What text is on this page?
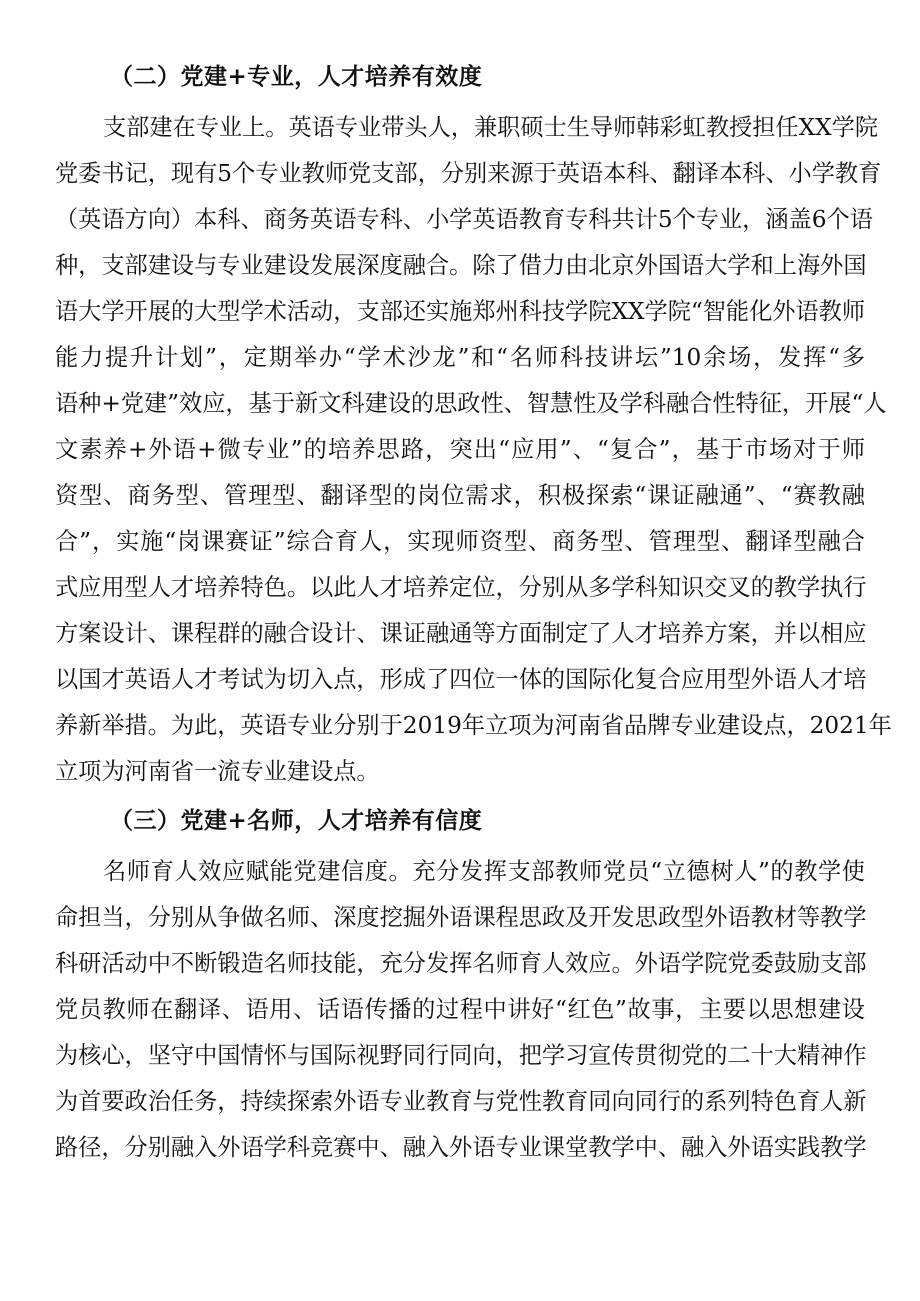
（二）党建+专业，人才培养有效度
支部建在专业上。英语专业带头人，兼职硕士生导师韩彩虹教授担任XX学院
党委书记，现有5个专业教师党支部，分别来源于英语本科、翻译本科、小学教育
（英语方向）本科、商务英语专科、小学英语教育专科共计5个专业，涵盖6个语
种，支部建设与专业建设发展深度融合。除了借力由北京外国语大学和上海外国
语大学开展的大型学术活动，支部还实施郑州科技学院XX学院“智能化外语教师
能力提升计划”，定期举办“学术沙龙”和“名师科技讲坛”10余场，发挥“多
语种+党建”效应，基于新文科建设的思政性、智慧性及学科融合性特征，开展“人
文素养+外语+微专业”的培养思路，突出“应用”、“复合”，基于市场对于师
资型、商务型、管理型、翻译型的岗位需求，积极探索“课证融通”、“赛教融
合”，实施“岗课赛证”综合育人，实现师资型、商务型、管理型、翻译型融合
式应用型人才培养特色。以此人才培养定位，分别从多学科知识交叉的教学执行
方案设计、课程群的融合设计、课证融通等方面制定了人才培养方案，并以相应
以国才英语人才考试为切入点，形成了四位一体的国际化复合应用型外语人才培
养新举措。为此，英语专业分别于2019年立项为河南省品牌专业建设点，2021年
立项为河南省一流专业建设点。
（三）党建+名师，人才培养有信度
名师育人效应赋能党建信度。充分发挥支部教师党员“立德树人”的教学使
命担当，分别从争做名师、深度挖掘外语课程思政及开发思政型外语教材等教学
科研活动中不断锻造名师技能，充分发挥名师育人效应。外语学院党委鼓励支部
党员教师在翻译、语用、话语传播的过程中讲好“红色”故事，主要以思想建设
为核心，坚守中国情怀与国际视野同行同向，把学习宣传贯彻党的二十大精神作
为首要政治任务，持续探索外语专业教育与党性教育同向同行的系列特色育人新
路径，分别融入外语学科竞赛中、融入外语专业课堂教学中、融入外语实践教学
